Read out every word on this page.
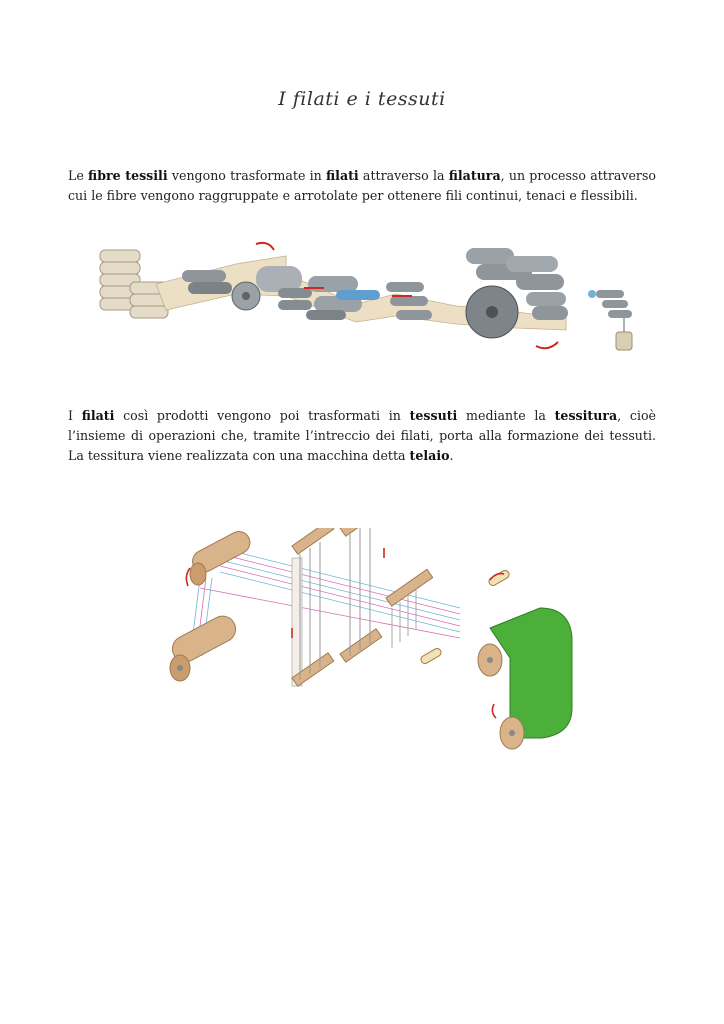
I filati e i tessuti

Le fibre tessili vengono trasformate in filati attraverso la filatura, un processo attraverso cui le fibre vengono raggruppate e arrotolate per ottenere fili continui, tenaci e flessibili.

I filati così prodotti vengono poi trasformati in tessuti mediante la tessitura, cioè l’insieme di operazioni che, tramite l’intreccio dei filati, porta alla formazione dei tessuti. La tessitura viene realizzata con una macchina detta telaio.
